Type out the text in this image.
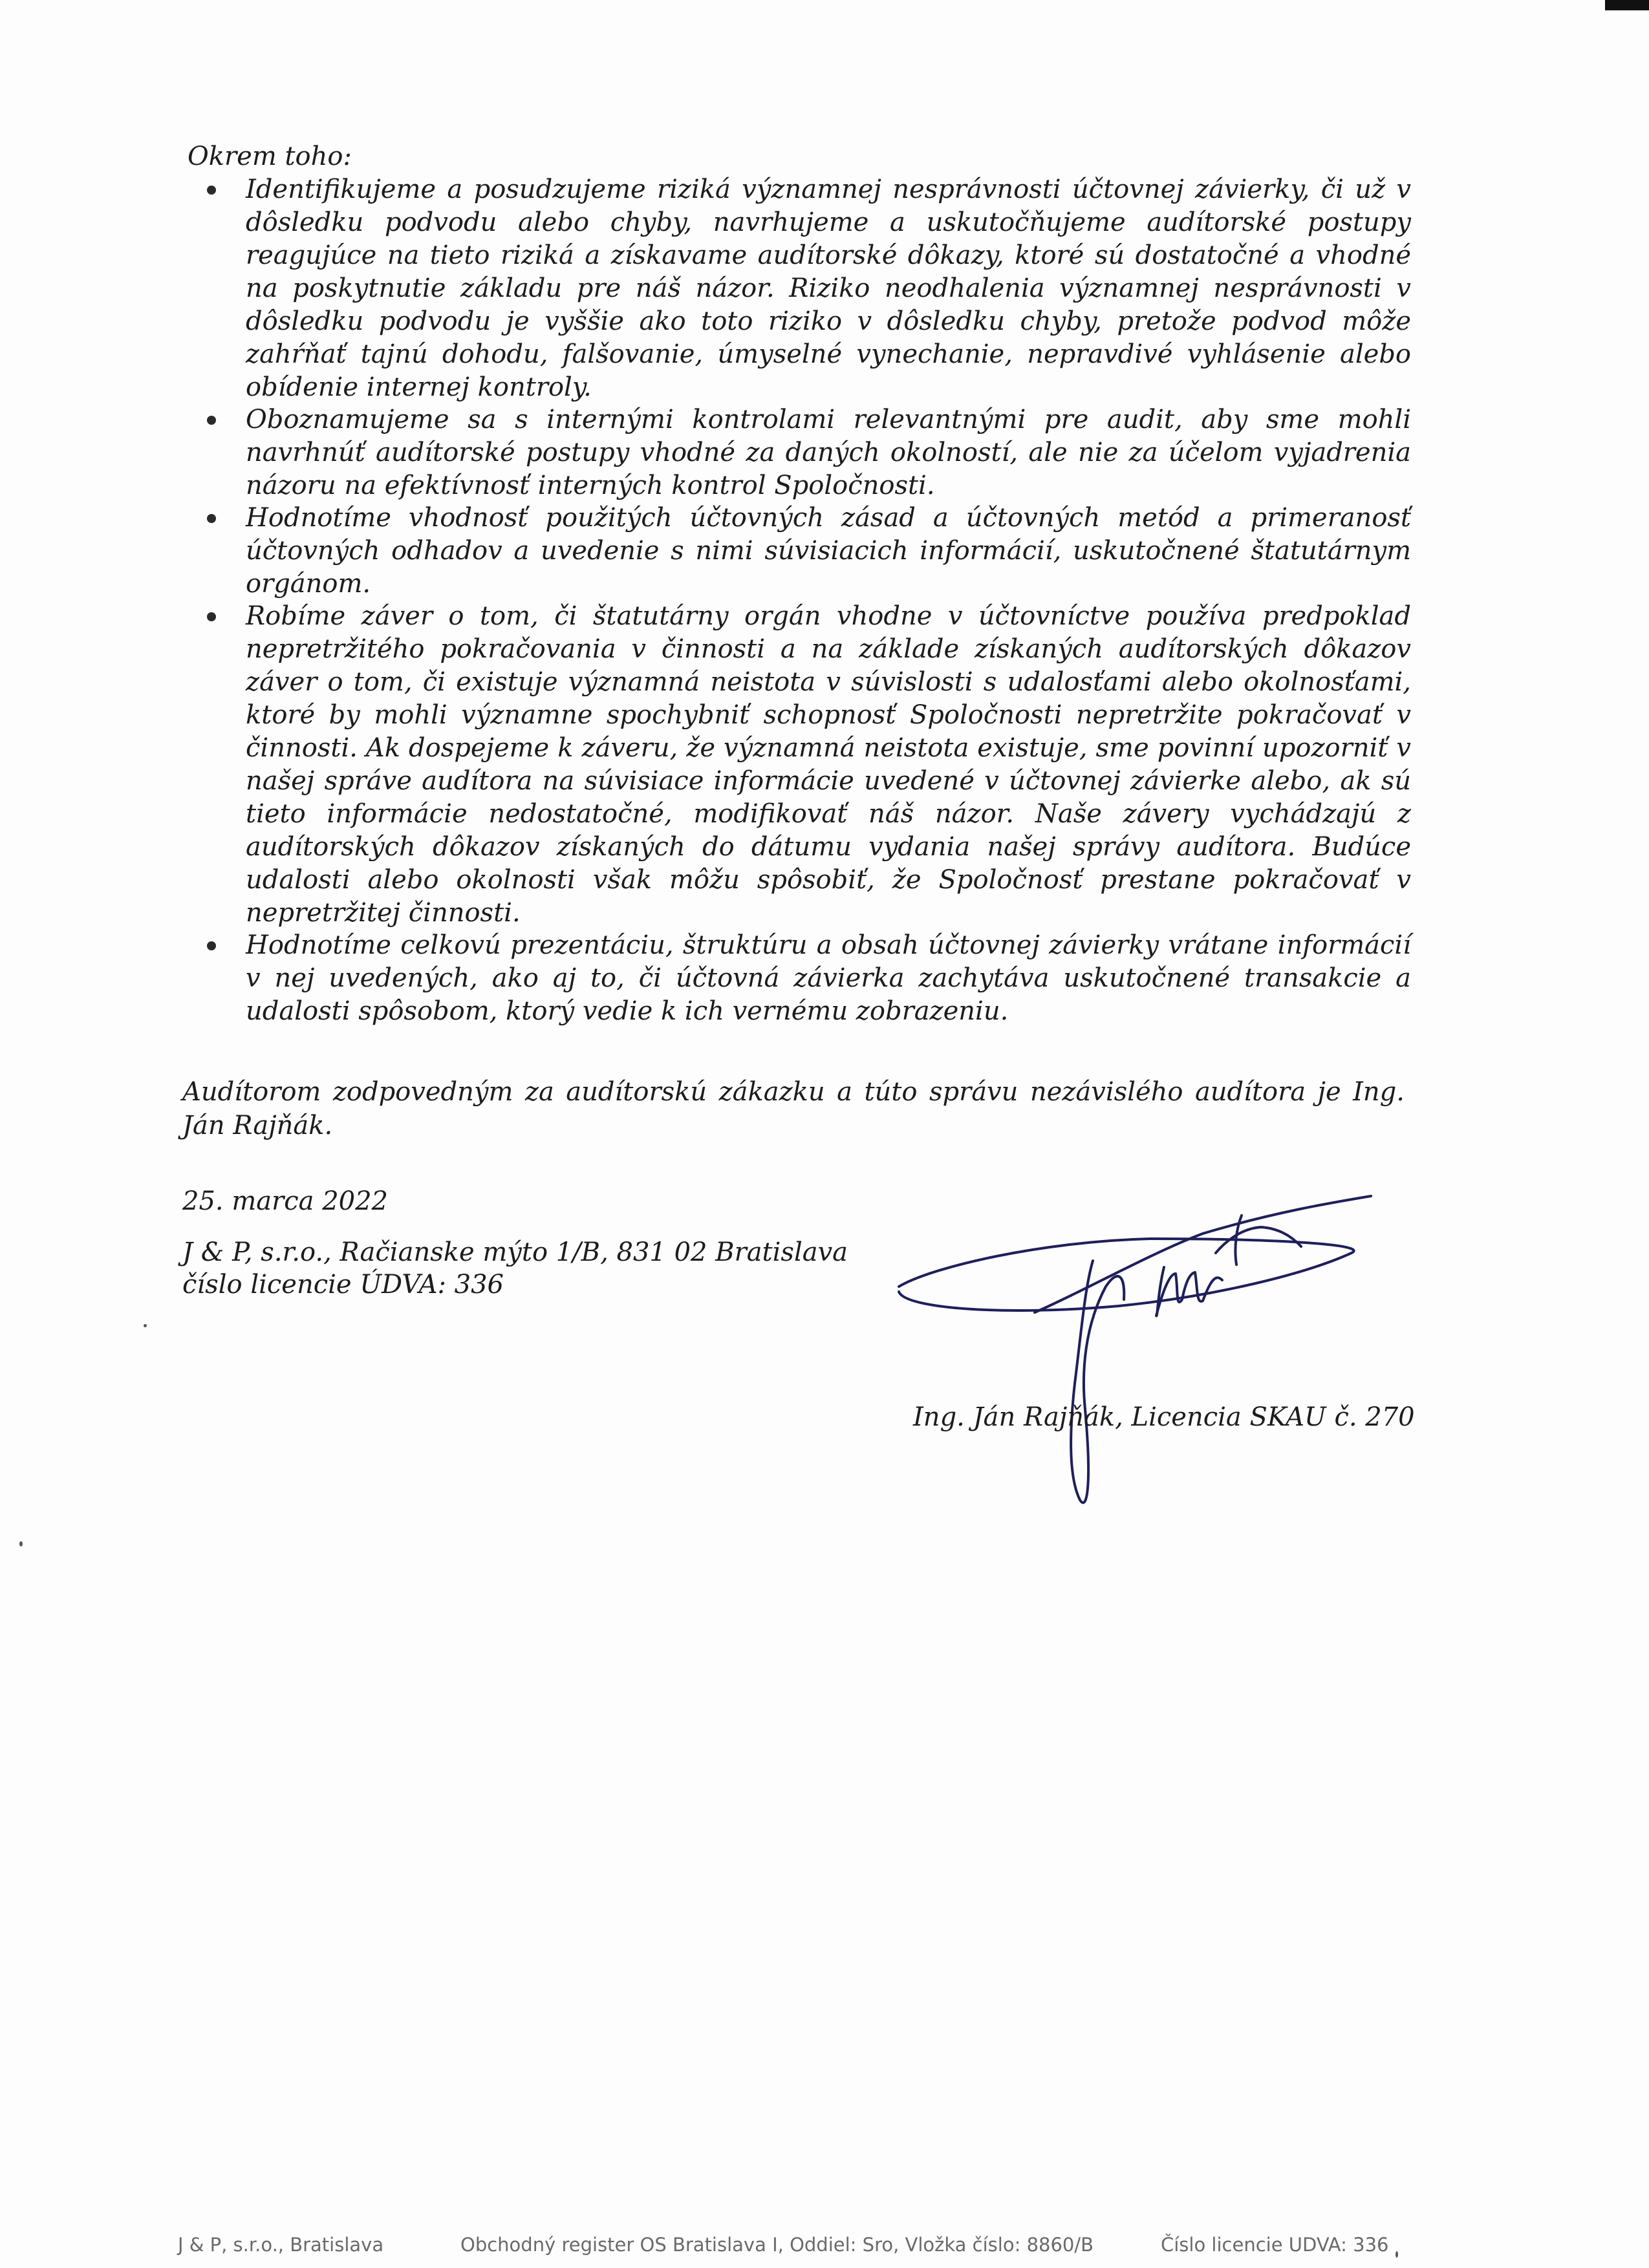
Okrem toho:
Identifikujeme a posudzujeme riziká významnej nesprávnosti účtovnej závierky, či už v dôsledku podvodu alebo chyby, navrhujeme a uskutočňujeme audítorské postupy reagujúce na tieto riziká a získavame audítorské dôkazy, ktoré sú dostatočné a vhodné na poskytnutie základu pre náš názor. Riziko neodhalenia významnej nesprávnosti v dôsledku podvodu je vyššie ako toto riziko v dôsledku chyby, pretože podvod môže zahŕňať tajnú dohodu, falšovanie, úmyselné vynechanie, nepravdivé vyhlásenie alebo obídenie internej kontroly.
Oboznamujeme sa s internými kontrolami relevantnými pre audit, aby sme mohli navrhnúť audítorské postupy vhodné za daných okolností, ale nie za účelom vyjadrenia názoru na efektívnosť interných kontrol Spoločnosti.
Hodnotíme vhodnosť použitých účtovných zásad a účtovných metód a primeranosť účtovných odhadov a uvedenie s nimi súvisiacich informácií, uskutočnené štatutárnym orgánom.
Robíme záver o tom, či štatutárny orgán vhodne v účtovníctve používa predpoklad nepretržitého pokračovania v činnosti a na základe získaných audítorských dôkazov záver o tom, či existuje významná neistota v súvislosti s udalosťami alebo okolnosťami, ktoré by mohli významne spochybniť schopnosť Spoločnosti nepretržite pokračovať v činnosti. Ak dospejeme k záveru, že významná neistota existuje, sme povinní upozorniť v našej správe audítora na súvisiace informácie uvedené v účtovnej závierke alebo, ak sú tieto informácie nedostatočné, modifikovať náš názor. Naše závery vychádzajú z audítorských dôkazov získaných do dátumu vydania našej správy audítora. Budúce udalosti alebo okolnosti však môžu spôsobiť, že Spoločnosť prestane pokračovať v nepretržitej činnosti.
Hodnotíme celkovú prezentáciu, štruktúru a obsah účtovnej závierky vrátane informácií v nej uvedených, ako aj to, či účtovná závierka zachytáva uskutočnené transakcie a udalosti spôsobom, ktorý vedie k ich vernému zobrazeniu.
Audítorom zodpovedným za audítorskú zákazku a túto správu nezávislého audítora je Ing. Ján Rajňák.
25. marca 2022
J & P, s.r.o., Račianske mýto 1/B, 831 02 Bratislava
číslo licencie ÚDVA: 336
Ing. Ján Rajňák, Licencia SKAU č. 270
J & P, s.r.o., Bratislava	Obchodný register OS Bratislava I, Oddiel: Sro, Vložka číslo: 8860/B	Číslo licencie UDVA: 336
